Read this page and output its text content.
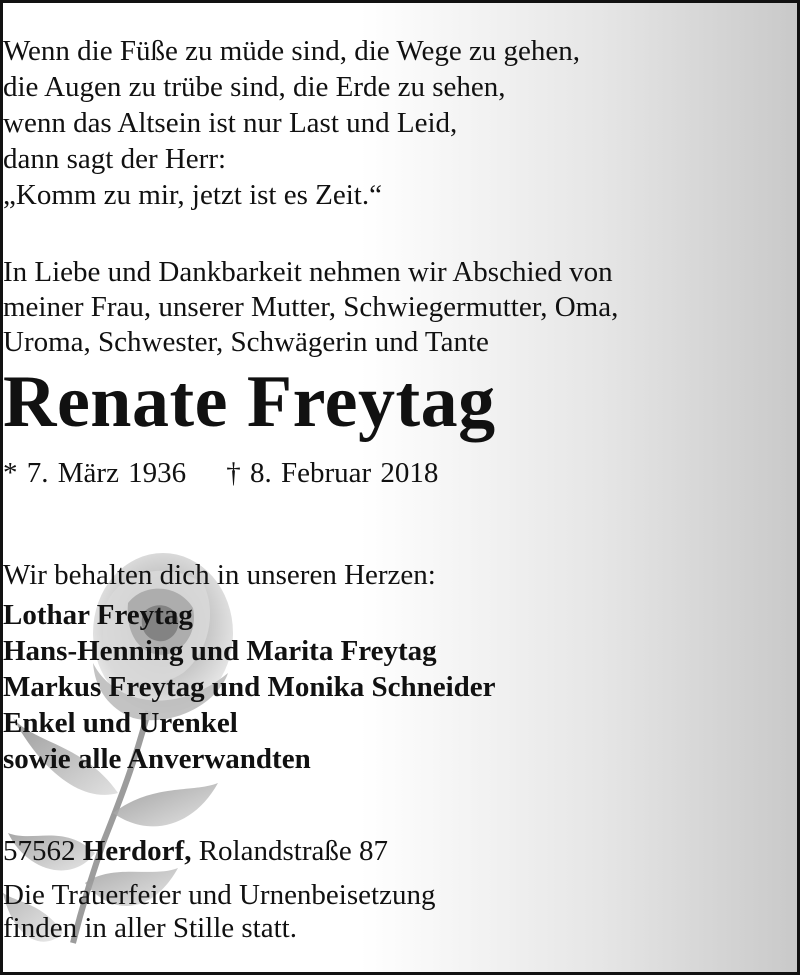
Wenn die Füße zu müde sind, die Wege zu gehen,
die Augen zu trübe sind, die Erde zu sehen,
wenn das Altsein ist nur Last und Leid,
dann sagt der Herr:
„Komm zu mir, jetzt ist es Zeit.“
In Liebe und Dankbarkeit nehmen wir Abschied von
meiner Frau, unserer Mutter, Schwiegermutter, Oma,
Uroma, Schwester, Schwägerin und Tante
Renate Freytag
* 7. März 1936 † 8. Februar 2018
Wir behalten dich in unseren Herzen:
Lothar Freytag
Hans-Henning und Marita Freytag
Markus Freytag und Monika Schneider
Enkel und Urenkel
sowie alle Anverwandten
57562 Herdorf, Rolandstraße 87
Die Trauerfeier und Urnenbeisetzung
finden in aller Stille statt.
